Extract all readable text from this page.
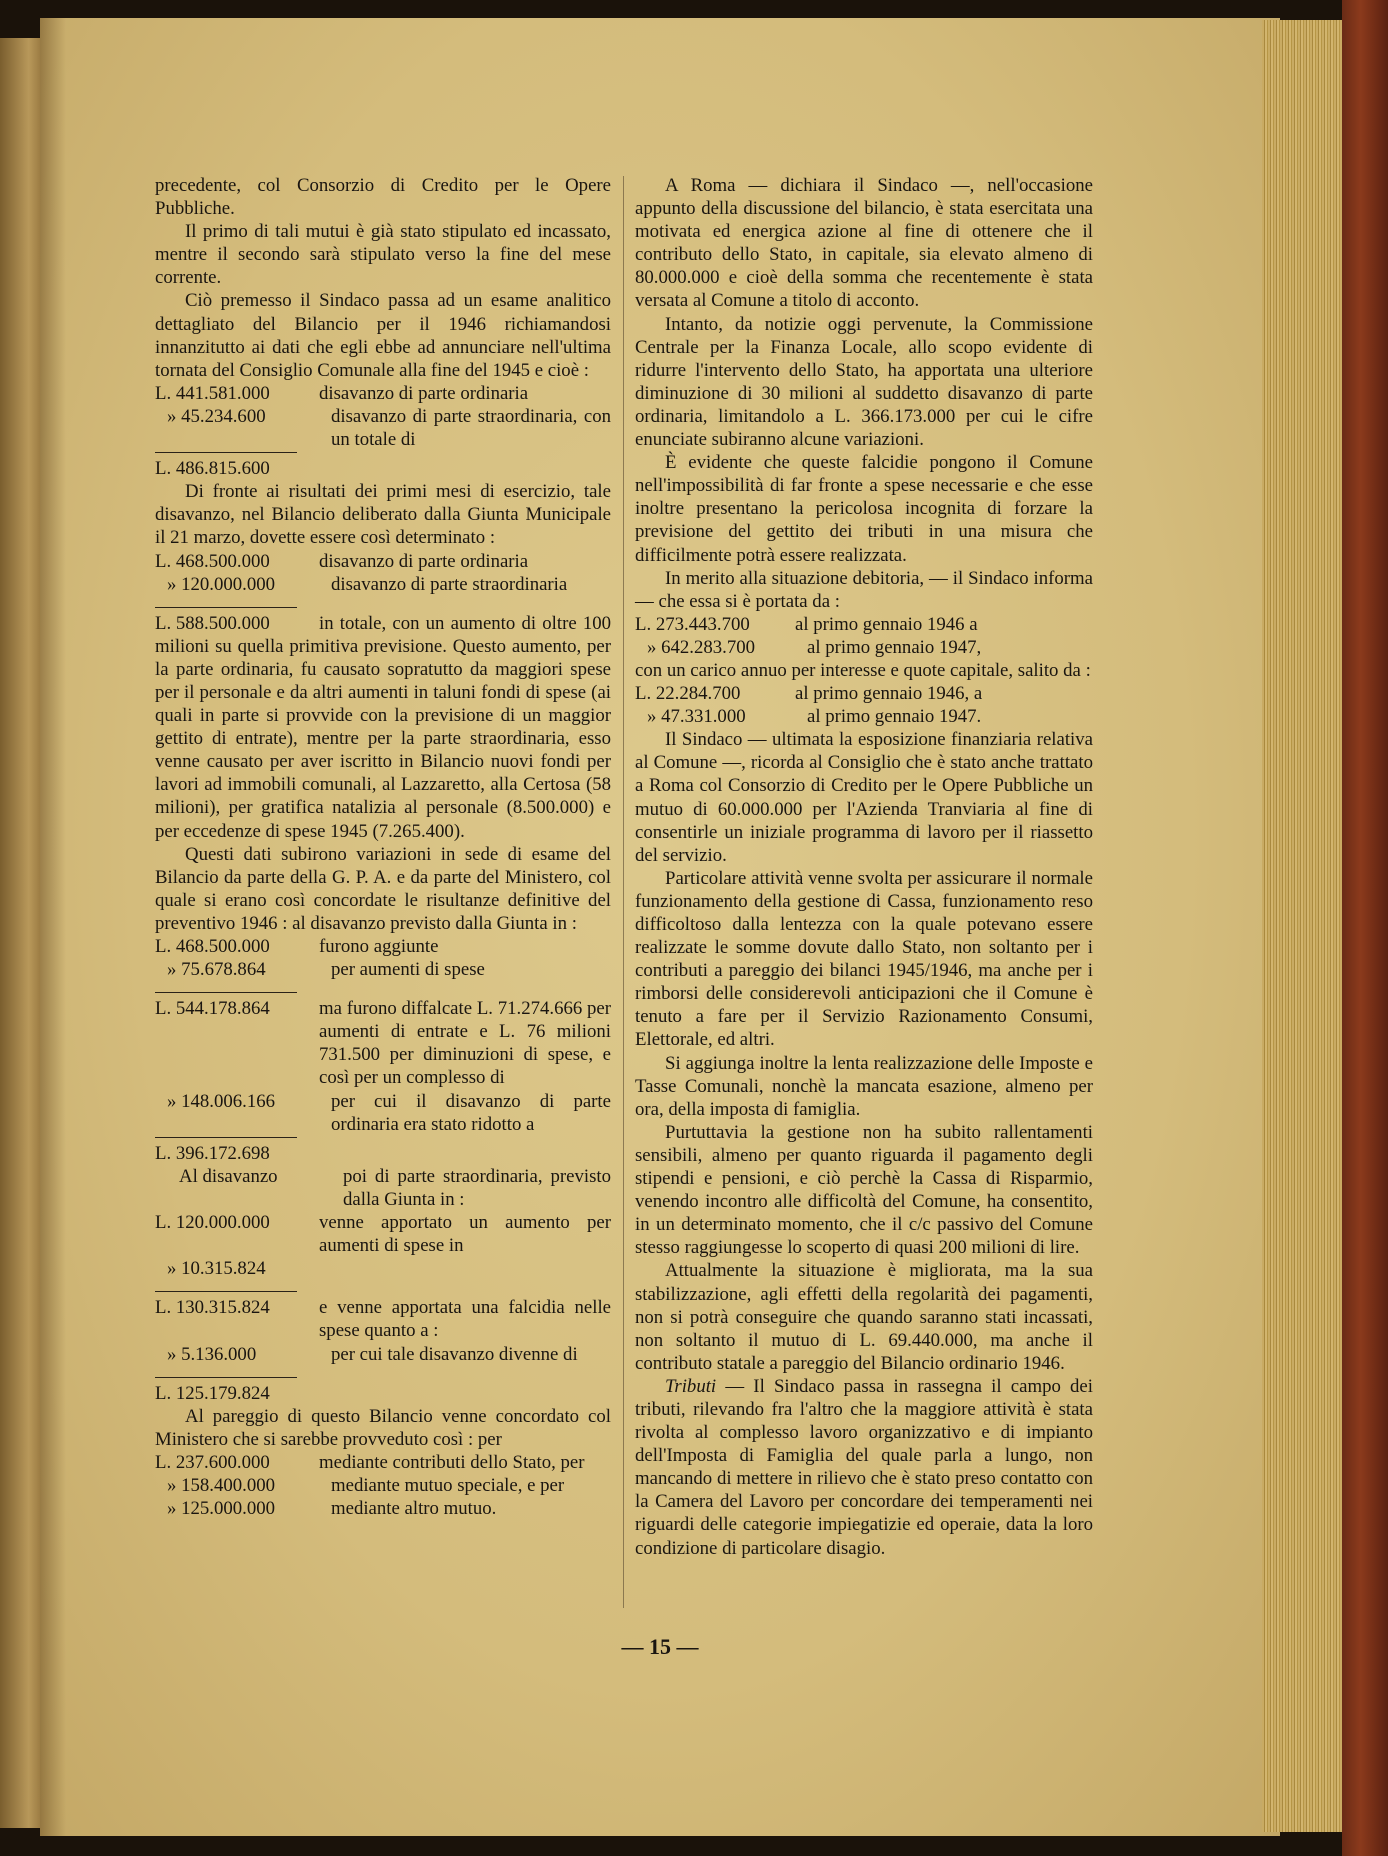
precedente, col Consorzio di Credito per le Opere Pubbliche.

Il primo di tali mutui è già stato stipulato ed incassato, mentre il secondo sarà stipulato verso la fine del mese corrente.

Ciò premesso il Sindaco passa ad un esame analitico dettagliato del Bilancio per il 1946 richiamandosi innanzitutto ai dati che egli ebbe ad annunciare nell'ultima tornata del Consiglio Comunale alla fine del 1945 e cioè :

L. 441.581.000	disavanzo di parte ordinaria
» 45.234.600	disavanzo di parte straordinaria, con un totale di
L. 486.815.600

Di fronte ai risultati dei primi mesi di esercizio, tale disavanzo, nel Bilancio deliberato dalla Giunta Municipale il 21 marzo, dovette essere così determinato :

L. 468.500.000	disavanzo di parte ordinaria
» 120.000.000	disavanzo di parte straordinaria
L. 588.500.000	in totale, con un aumento di oltre 100 milioni su quella primitiva previsione. Questo aumento, per la parte ordinaria, fu causato sopratutto da maggiori spese per il personale e da altri aumenti in taluni fondi di spese (ai quali in parte si provvide con la previsione di un maggior gettito di entrate), mentre per la parte straordinaria, esso venne causato per aver iscritto in Bilancio nuovi fondi per lavori ad immobili comunali, al Lazzaretto, alla Certosa (58 milioni), per gratifica natalizia al personale (8.500.000) e per eccedenze di spese 1945 (7.265.400).

Questi dati subirono variazioni in sede di esame del Bilancio da parte della G. P. A. e da parte del Ministero, col quale si erano così concordate le risultanze definitive del preventivo 1946 : al disavanzo previsto dalla Giunta in :

L. 468.500.000	furono aggiunte
» 75.678.864	per aumenti di spese
L. 544.178.864	ma furono diffalcate L. 71.274.666 per aumenti di entrate e L. 76 milioni 731.500 per diminuzioni di spese, e così per un complesso di
» 148.006.166	per cui il disavanzo di parte ordinaria era stato ridotto a
L. 396.172.698
Al disavanzo	poi di parte straordinaria, previsto dalla Giunta in :
L. 120.000.000	venne apportato un aumento per aumenti di spese in
» 10.315.824
L. 130.315.824	e venne apportata una falcidia nelle spese quanto a :
» 5.136.000	per cui tale disavanzo divenne di
L. 125.179.824

Al pareggio di questo Bilancio venne concordato col Ministero che si sarebbe provveduto così : per

L. 237.600.000	mediante contributi dello Stato, per
» 158.400.000	mediante mutuo speciale, e per
» 125.000.000	mediante altro mutuo.

A Roma — dichiara il Sindaco —, nell'occasione appunto della discussione del bilancio, è stata esercitata una motivata ed energica azione al fine di ottenere che il contributo dello Stato, in capitale, sia elevato almeno di 80.000.000 e cioè della somma che recentemente è stata versata al Comune a titolo di acconto.

Intanto, da notizie oggi pervenute, la Commissione Centrale per la Finanza Locale, allo scopo evidente di ridurre l'intervento dello Stato, ha apportata una ulteriore diminuzione di 30 milioni al suddetto disavanzo di parte ordinaria, limitandolo a L. 366.173.000 per cui le cifre enunciate subiranno alcune variazioni.

È evidente che queste falcidie pongono il Comune nell'impossibilità di far fronte a spese necessarie e che esse inoltre presentano la pericolosa incognita di forzare la previsione del gettito dei tributi in una misura che difficilmente potrà essere realizzata.

In merito alla situazione debitoria, — il Sindaco informa — che essa si è portata da :

L. 273.443.700	al primo gennaio 1946 a
» 642.283.700	al primo gennaio 1947,

con un carico annuo per interesse e quote capitale, salito da :

L. 22.284.700	al primo gennaio 1946, a
» 47.331.000	al primo gennaio 1947.

Il Sindaco — ultimata la esposizione finanziaria relativa al Comune —, ricorda al Consiglio che è stato anche trattato a Roma col Consorzio di Credito per le Opere Pubbliche un mutuo di 60.000.000 per l'Azienda Tranviaria al fine di consentirle un iniziale programma di lavoro per il riassetto del servizio.

Particolare attività venne svolta per assicurare il normale funzionamento della gestione di Cassa, funzionamento reso difficoltoso dalla lentezza con la quale potevano essere realizzate le somme dovute dallo Stato, non soltanto per i contributi a pareggio dei bilanci 1945/1946, ma anche per i rimborsi delle considerevoli anticipazioni che il Comune è tenuto a fare per il Servizio Razionamento Consumi, Elettorale, ed altri.

Si aggiunga inoltre la lenta realizzazione delle Imposte e Tasse Comunali, nonchè la mancata esazione, almeno per ora, della imposta di famiglia.

Purtuttavia la gestione non ha subito rallentamenti sensibili, almeno per quanto riguarda il pagamento degli stipendi e pensioni, e ciò perchè la Cassa di Risparmio, venendo incontro alle difficoltà del Comune, ha consentito, in un determinato momento, che il c/c passivo del Comune stesso raggiungesse lo scoperto di quasi 200 milioni di lire.

Attualmente la situazione è migliorata, ma la sua stabilizzazione, agli effetti della regolarità dei pagamenti, non si potrà conseguire che quando saranno stati incassati, non soltanto il mutuo di L. 69.440.000, ma anche il contributo statale a pareggio del Bilancio ordinario 1946.

Tributi — Il Sindaco passa in rassegna il campo dei tributi, rilevando fra l'altro che la maggiore attività è stata rivolta al complesso lavoro organizzativo e di impianto dell'Imposta di Famiglia del quale parla a lungo, non mancando di mettere in rilievo che è stato preso contatto con la Camera del Lavoro per concordare dei temperamenti nei riguardi delle categorie impiegatizie ed operaie, data la loro condizione di particolare disagio.

— 15 —
